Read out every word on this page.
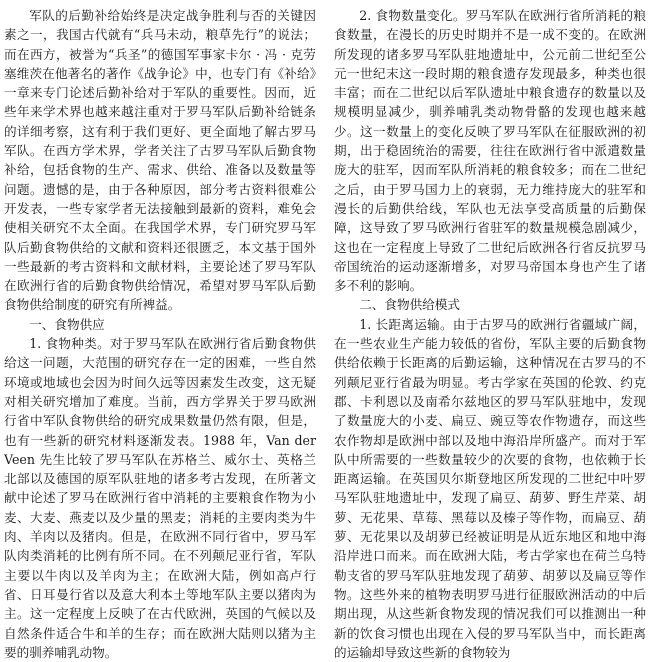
军队的后勤补给始终是决定战争胜利与否的关键因素之一，我国古代就有“兵马未动，粮草先行”的说法；而在西方，被誉为“兵圣”的德国军事家卡尔 · 冯 · 克劳塞维茨在他著名的著作《战争论》中，也专门有《补给》一章来专门论述后勤补给对于军队的重要性。因而，近些年来学术界也越来越注重对于罗马军队后勤补给链条的详细考察，这有利于我们更好、更全面地了解古罗马军队。在西方学术界，学者关注了古罗马军队后勤食物补给，包括食物的生产、需求、供给、准备以及数量等问题。遗憾的是，由于各种原因，部分考古资料很难公开发表，一些专家学者无法接触到最新的资料，难免会使相关研究不太全面。在我国学术界，专门研究罗马军队后勤食物供给的文献和资料还很匮乏，本文基于国外一些最新的考古资料和文献材料，主要论述了罗马军队在欧洲行省的后勤食物供给情况，希望对罗马军队后勤食物供给制度的研究有所裨益。

一、食物供应

1. 食物种类。对于罗马军队在欧洲行省后勤食物供给这一问题，大范围的研究存在一定的困难，一些自然环境或地域也会因为时间久远等因素发生改变，这无疑对相关研究增加了难度。当前，西方学界关于罗马欧洲行省中军队食物供给的研究成果数量仍然有限，但是，也有一些新的研究材料逐渐发表。1988 年，Van der Veen 先生比较了罗马军队在苏格兰、威尔士、英格兰北部以及德国的原军队驻地的诸多考古发现，在所著文献中论述了罗马在欧洲行省中消耗的主要粮食作物为小麦、大麦、燕麦以及少量的黑麦；消耗的主要肉类为牛肉、羊肉以及猪肉。但是，在欧洲不同行省中，罗马军队肉类消耗的比例有所不同。在不列颠尼亚行省，军队主要以牛肉以及羊肉为主；在欧洲大陆，例如高卢行省、日耳曼行省以及意大利本土等地军队主要以猪肉为主。这一定程度上反映了在古代欧洲，英国的气候以及自然条件适合牛和羊的生存；而在欧洲大陆则以猪为主要的驯养哺乳动物。

2. 食物数量变化。罗马军队在欧洲行省所消耗的粮食数量，在漫长的历史时期并不是一成不变的。在欧洲所发现的诸多罗马军队驻地遗址中，公元前二世纪至公元一世纪末这一段时期的粮食遗存发现最多，种类也很丰富；而在二世纪以后军队遗址中粮食遗存的数量以及规模明显减少，驯养哺乳类动物骨骼的发现也越来越少。这一数量上的变化反映了罗马军队在征服欧洲的初期，出于稳固统治的需要，往往在欧洲行省中派遣数量庞大的驻军，因而军队所消耗的粮食较多；而在二世纪之后，由于罗马国力上的衰弱，无力维持庞大的驻军和漫长的后勤供给线，军队也无法享受高质量的后勤保障，这导致了罗马欧洲行省驻军的数量规模急剧减少，这也在一定程度上导致了二世纪后欧洲各行省反抗罗马帝国统治的运动逐渐增多，对罗马帝国本身也产生了诸多不利的影响。

二、食物供给模式

1. 长距离运输。由于古罗马的欧洲行省疆域广阔，在一些农业生产能力较低的省份，军队主要的后勤食物供给依赖于长距离的后勤运输，这种情况在古罗马的不列颠尼亚行省最为明显。考古学家在英国的伦敦、约克郡、卡利恩以及南希尔兹地区的罗马军队驻地中，发现了数量庞大的小麦、扁豆、豌豆等农作物遗存，而这些农作物却是欧洲中部以及地中海沿岸所盛产。而对于军队中所需要的一些数量较少的次要的食物，也依赖于长距离运输。在英国贝尔斯登地区所发现的二世纪中叶罗马军队驻地遗址中，发现了扁豆、葫萝、野生芹菜、胡萝、无花果、草莓、黑莓以及榛子等作物，而扁豆、葫萝、无花果以及胡萝已经被证明是从近东地区和地中海沿岸进口而来。而在欧洲大陆，考古学家也在荷兰乌特勒支省的罗马军队驻地发现了葫萝、胡萝以及扁豆等作物。这些外来的植物表明罗马进行征服欧洲活动的中后期出现，从这些新食物发现的情况我们可以推测出一种新的饮食习惯也出现在入侵的罗马军队当中，而长距离的运输却导致这些新的食物较为
